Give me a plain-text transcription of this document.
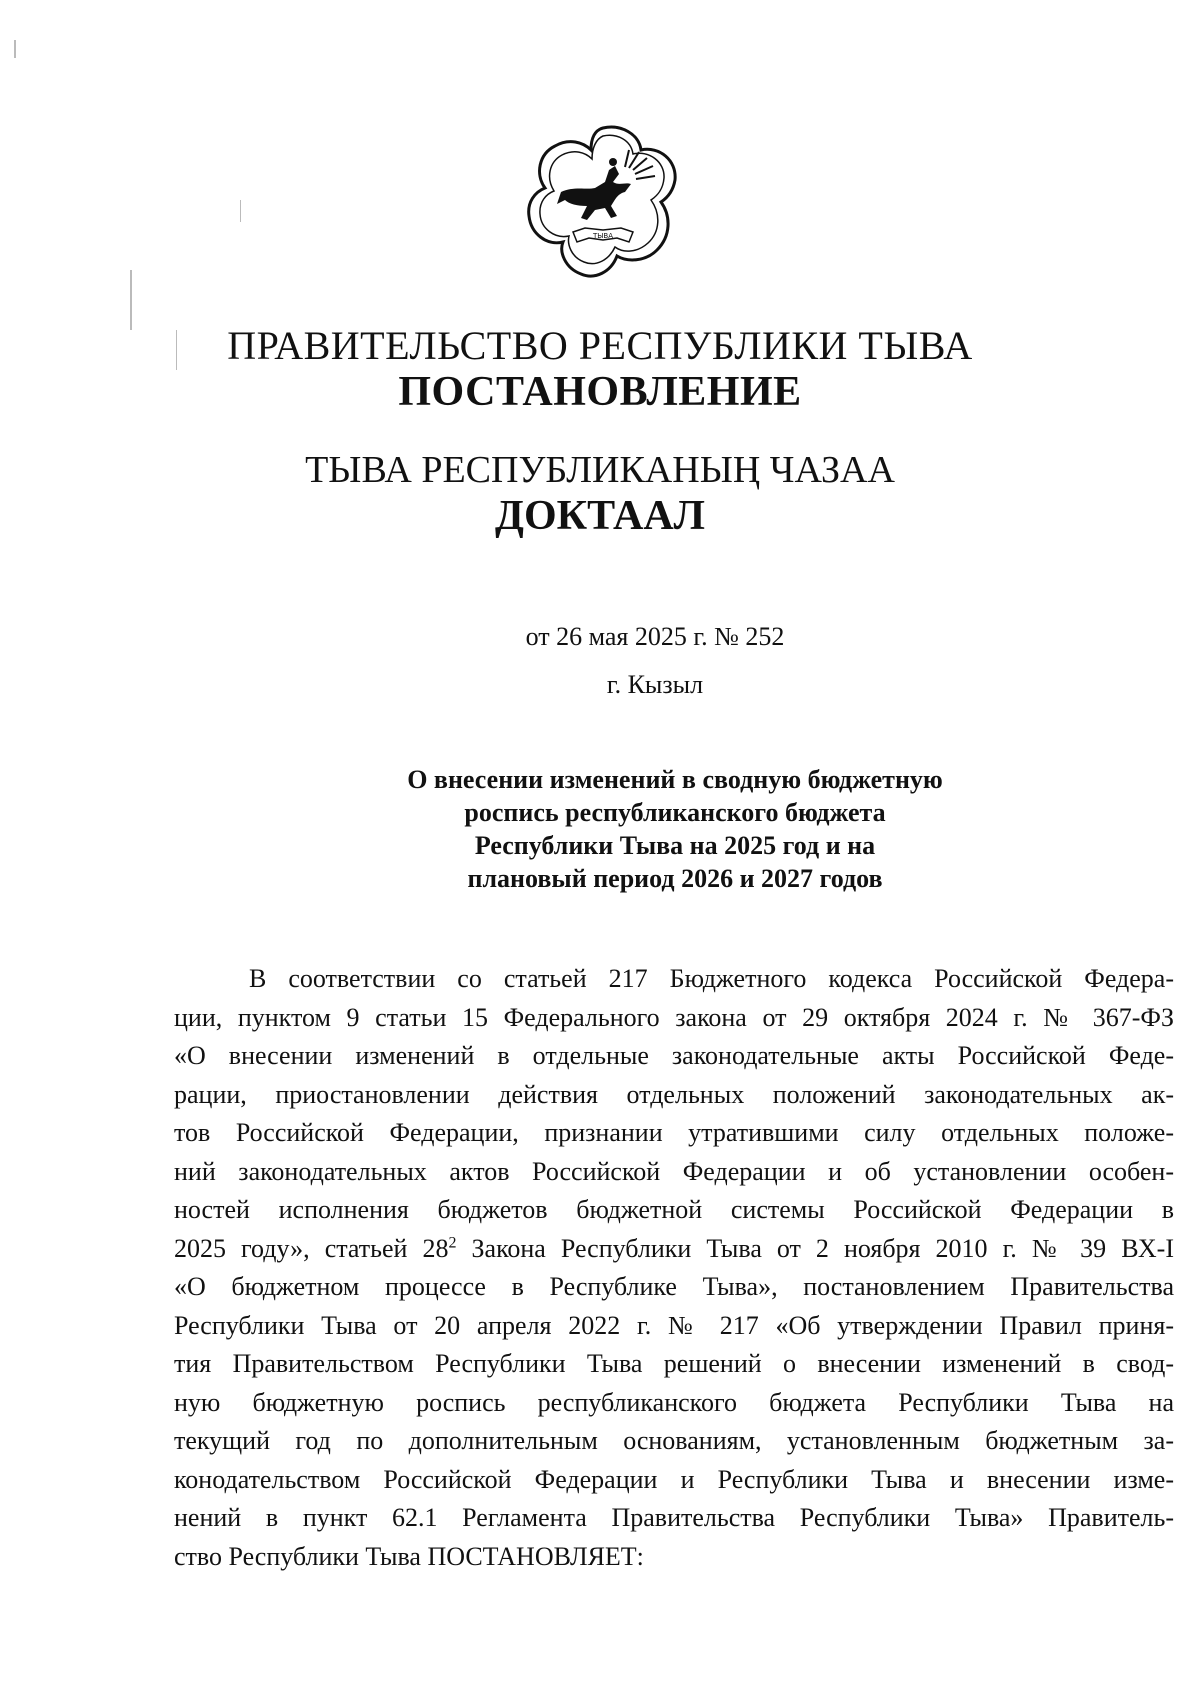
ТЫВА
ПРАВИТЕЛЬСТВО РЕСПУБЛИКИ ТЫВА
ПОСТАНОВЛЕНИЕ
ТЫВА РЕСПУБЛИКАНЫҢ ЧАЗАА
ДОКТААЛ
от 26 мая 2025 г. № 252
г. Кызыл
О внесении изменений в сводную бюджетную
роспись республиканского бюджета
Республики Тыва на 2025 год и на
плановый период 2026 и 2027 годов
В соответствии со статьей 217 Бюджетного кодекса Российской Федера-
ции, пунктом 9 статьи 15 Федерального закона от 29 октября 2024 г. № 367-ФЗ
«О внесении изменений в отдельные законодательные акты Российской Феде-
рации, приостановлении действия отдельных положений законодательных ак-
тов Российской Федерации, признании утратившими силу отдельных положе-
ний законодательных актов Российской Федерации и об установлении особен-
ностей исполнения бюджетов бюджетной системы Российской Федерации в
2025 году», статьей $28^2$ Закона Республики Тыва от 2 ноября 2010 г. № 39 ВХ-I
«О бюджетном процессе в Республике Тыва», постановлением Правительства
Республики Тыва от 20 апреля 2022 г. № 217 «Об утверждении Правил приня-
тия Правительством Республики Тыва решений о внесении изменений в свод-
ную бюджетную роспись республиканского бюджета Республики Тыва на
текущий год по дополнительным основаниям, установленным бюджетным за-
конодательством Российской Федерации и Республики Тыва и внесении изме-
нений в пункт 62.1 Регламента Правительства Республики Тыва» Правитель-
ство Республики Тыва ПОСТАНОВЛЯЕТ:
